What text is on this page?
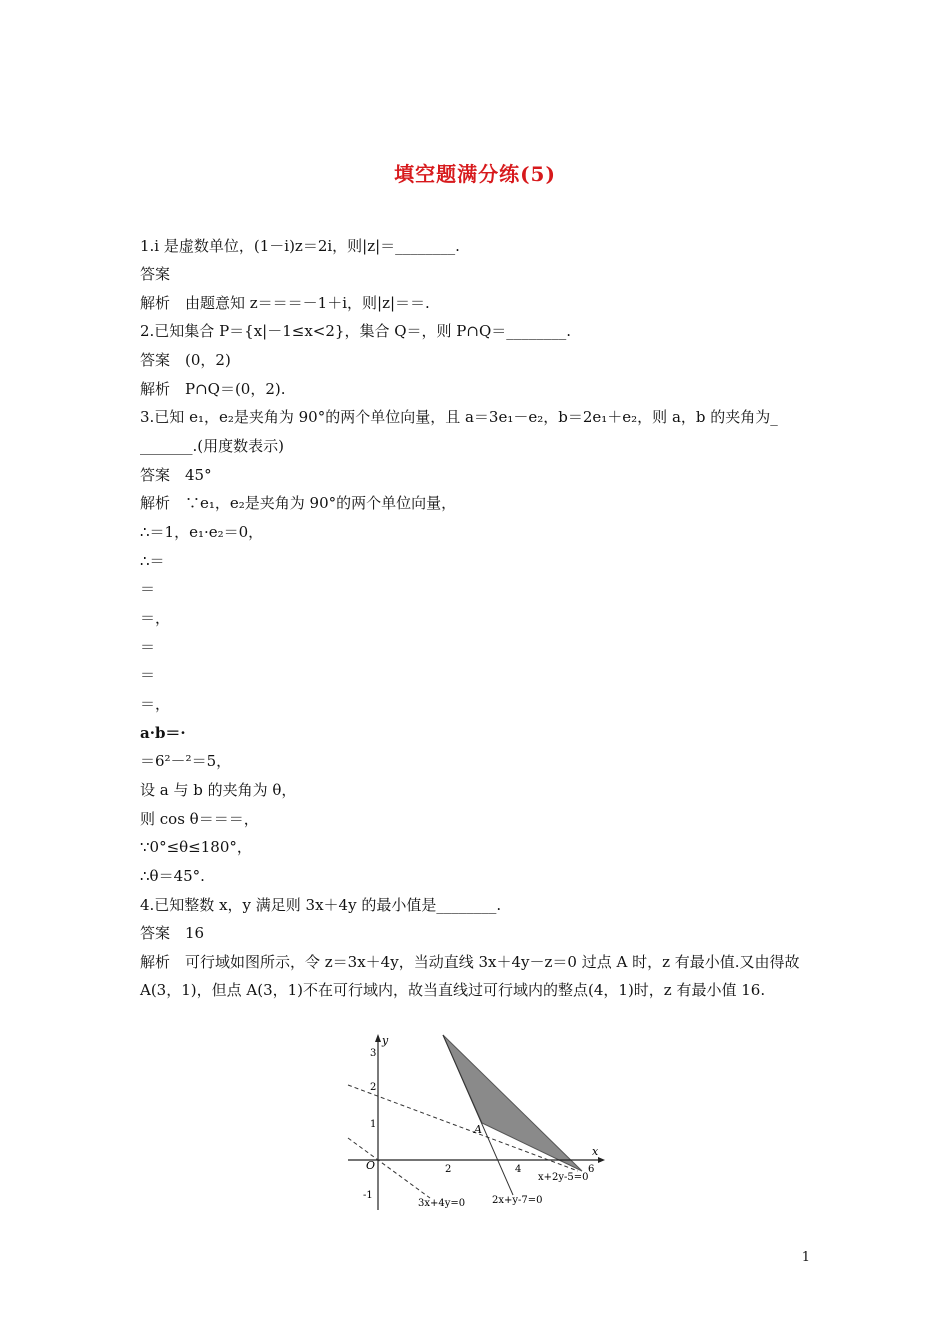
填空题满分练(5)
1.i 是虚数单位，(1－i)z＝2i，则|z|＝________.
答案
解析　由题意知 z＝＝＝－1＋i，则|z|＝＝.
2.已知集合 P＝{x|－1≤x<2}，集合 Q＝，则 P∩Q＝________.
答案　(0，2)
解析　P∩Q＝(0，2).
3.已知 e₁，e₂是夹角为 90°的两个单位向量，且 a＝3e₁－e₂，b＝2e₁＋e₂，则 a，b 的夹角为_
_______.(用度数表示)
答案　45°
解析　∵e₁，e₂是夹角为 90°的两个单位向量，
∴＝1，e₁·e₂＝0，
∴＝
＝
＝，
＝
＝
＝，
a·b＝·
＝6²－²＝5，
设 a 与 b 的夹角为 θ，
则 cos θ＝＝＝，
∵0°≤θ≤180°，
∴θ＝45°.
4.已知整数 x，y 满足则 3x＋4y 的最小值是________.
答案　16
解析　可行域如图所示，令 z＝3x＋4y，当动直线 3x＋4y－z＝0 过点 A 时，z 有最小值.又由得故 A(3，1)，但点 A(3，1)不在可行域内，故当直线过可行域内的整点(4，1)时，z 有最小值 16.
y
x
O
A
2	4	6
3
2
1
-1
x+2y-5=0
3x+4y=0	2x+y-7=0
1
